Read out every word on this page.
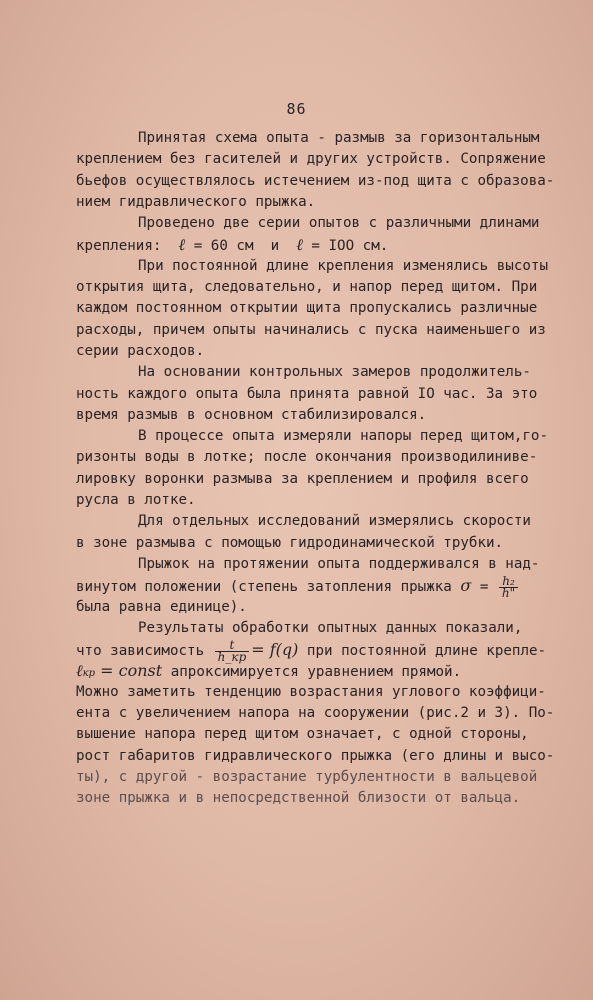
86
Принятая схема опыта - размыв за горизонтальным
креплением без гасителей и других устройств. Сопряжение
бьефов осуществлялось истечением из-под щита с образова-
нием гидравлического прыжка.
Проведено две серии опытов с различными длинами
крепления:  ℓ = 60 см  и  ℓ = IOO см.
При постоянной длине крепления изменялись высоты
открытия щита, следовательно, и напор перед щитом. При
каждом постоянном открытии щита пропускались различные
расходы, причем опыты начинались с пуска наименьшего из
серии расходов.
На основании контрольных замеров продолжитель-
ность каждого опыта была принята равной IO час. За это
время размыв в основном стабилизировался.
В процессе опыта измеряли напоры перед щитом,го-
ризонты воды в лотке; после окончания производилиниве-
лировку воронки размыва за креплением и профиля всего
русла в лотке.
Для отдельных исследований измерялись скорости
в зоне размыва с помощью гидродинамической трубки.
Прыжок на протяжении опыта поддерживался в над-
винутом положении (степень затопления прыжка $\sigma = \frac{\text{h₂}}{h"}$
была равна единице).
Результаты обработки опытных данных показали,
что зависимость $\frac{t}{h\_кр} = f(q)$ при постоянной длине крепле-
ℓкр = const апроксимируется уравнением прямой.
Можно заметить тенденцию возрастания углового коэффици-
ента с увеличением напора на сооружении (рис.2 и 3). По-
вышение напора перед щитом означает, с одной стороны,
рост габаритов гидравлического прыжка (его длины и высо-
ты), с другой - возрастание турбулентности в вальцевой
зоне прыжка и в непосредственной близости от вальца.
